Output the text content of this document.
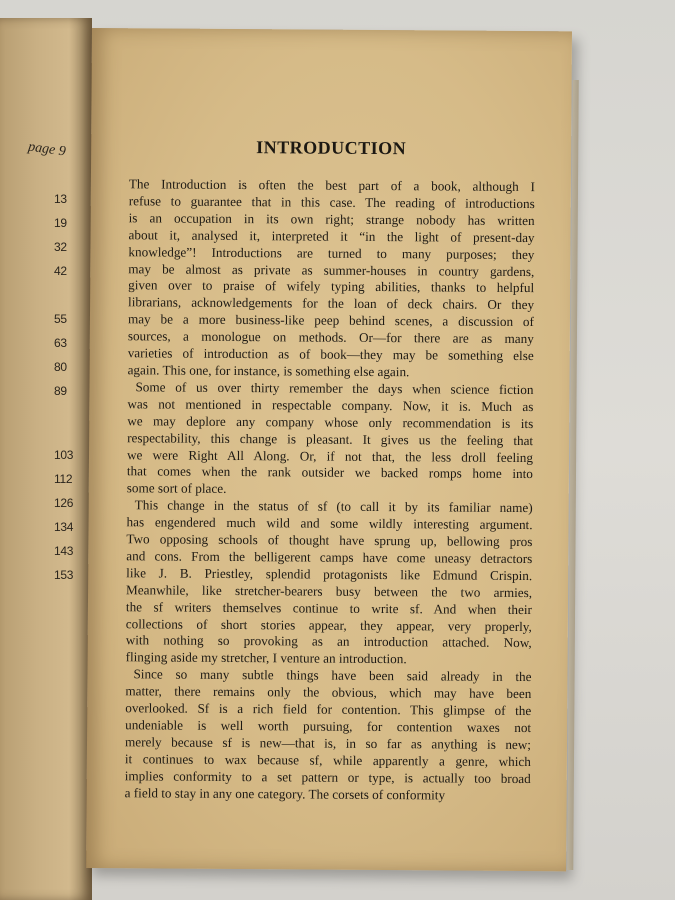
page 9
13
19
32
42
55
63
80
89
103
112
126
134
143
153
INTRODUCTION
The Introduction is often the best part of a book, although I
refuse to guarantee that in this case. The reading of introductions
is an occupation in its own right; strange nobody has written
about it, analysed it, interpreted it “in the light of present-day
knowledge”! Introductions are turned to many purposes; they
may be almost as private as summer-houses in country gardens,
given over to praise of wifely typing abilities, thanks to helpful
librarians, acknowledgements for the loan of deck chairs. Or they
may be a more business-like peep behind scenes, a discussion of
sources, a monologue on methods. Or—for there are as many
varieties of introduction as of book—they may be something else
again. This one, for instance, is something else again.
Some of us over thirty remember the days when science fiction
was not mentioned in respectable company. Now, it is. Much as
we may deplore any company whose only recommendation is its
respectability, this change is pleasant. It gives us the feeling that
we were Right All Along. Or, if not that, the less droll feeling
that comes when the rank outsider we backed romps home into
some sort of place.
This change in the status of sf (to call it by its familiar name)
has engendered much wild and some wildly interesting argument.
Two opposing schools of thought have sprung up, bellowing pros
and cons. From the belligerent camps have come uneasy detractors
like J. B. Priestley, splendid protagonists like Edmund Crispin.
Meanwhile, like stretcher-bearers busy between the two armies,
the sf writers themselves continue to write sf. And when their
collections of short stories appear, they appear, very properly,
with nothing so provoking as an introduction attached. Now,
flinging aside my stretcher, I venture an introduction.
Since so many subtle things have been said already in the
matter, there remains only the obvious, which may have been
overlooked. Sf is a rich field for contention. This glimpse of the
undeniable is well worth pursuing, for contention waxes not
merely because sf is new—that is, in so far as anything is new;
it continues to wax because sf, while apparently a genre, which
implies conformity to a set pattern or type, is actually too broad
a field to stay in any one category. The corsets of conformity
